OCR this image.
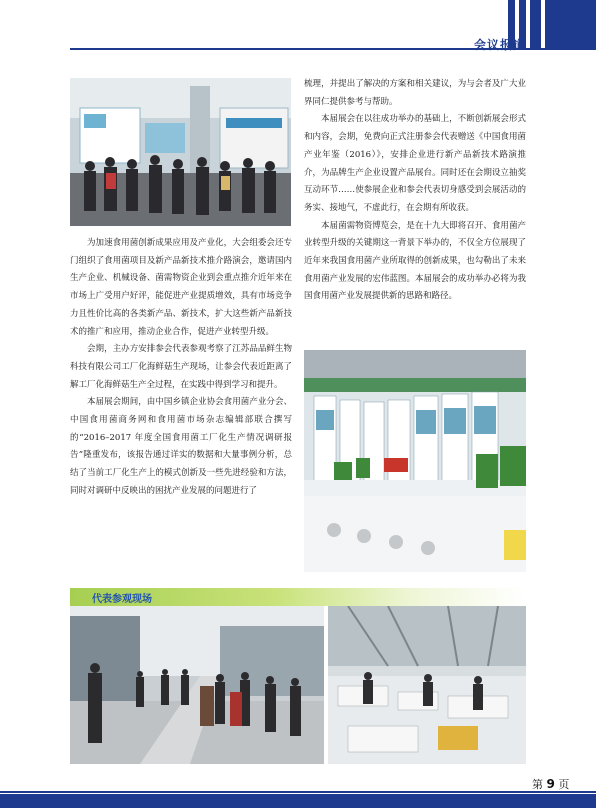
会议报道

为加速食用菌创新成果应用及产业化，大会组委会还专门组织了食用菌项目及新产品新技术推介路演会，邀请国内生产企业、机械设备、菌需物资企业到会重点推介近年来在市场上广受用户好评，能促进产业提质增效，具有市场竞争力且性价比高的各类新产品、新技术，扩大这些新产品新技术的推广和应用，推动企业合作，促进产业转型升级。

会期，主办方安排参会代表参观考察了江苏品品鲜生物科技有限公司工厂化海鲜菇生产现场，让参会代表近距离了解工厂化海鲜菇生产全过程，在实践中得到学习和提升。

本届展会期间，由中国乡镇企业协会食用菌产业分会、中国食用菌商务网和食用菌市场杂志编辑部联合撰写的“2016–2017 年度全国食用菌工厂化生产情况调研报告”隆重发布，该报告通过详实的数据和大量事例分析，总结了当前工厂化生产上的模式创新及一些先进经验和方法，同时对调研中反映出的困扰产业发展的问题进行了

梳理，并提出了解决的方案和相关建议，为与会者及广大业界同仁提供参考与帮助。

本届展会在以往成功举办的基础上，不断创新展会形式和内容，会期，免费向正式注册参会代表赠送《中国食用菌产业年鉴（2016）》，安排企业进行新产品新技术路演推介，为品牌生产企业设置产品展台。同时还在会期设立抽奖互动环节……使参展企业和参会代表切身感受到会展活动的务实、接地气，不虚此行，在会期有所收获。

本届菌需物资博览会，是在十九大即将召开、食用菌产业转型升级的关键期这一背景下举办的，不仅全方位展现了近年来我国食用菌产业所取得的创新成果，也勾勒出了未来食用菌产业发展的宏伟蓝图。本届展会的成功举办必将为我国食用菌产业发展提供新的思路和路径。

代表参观现场
第 9 页
